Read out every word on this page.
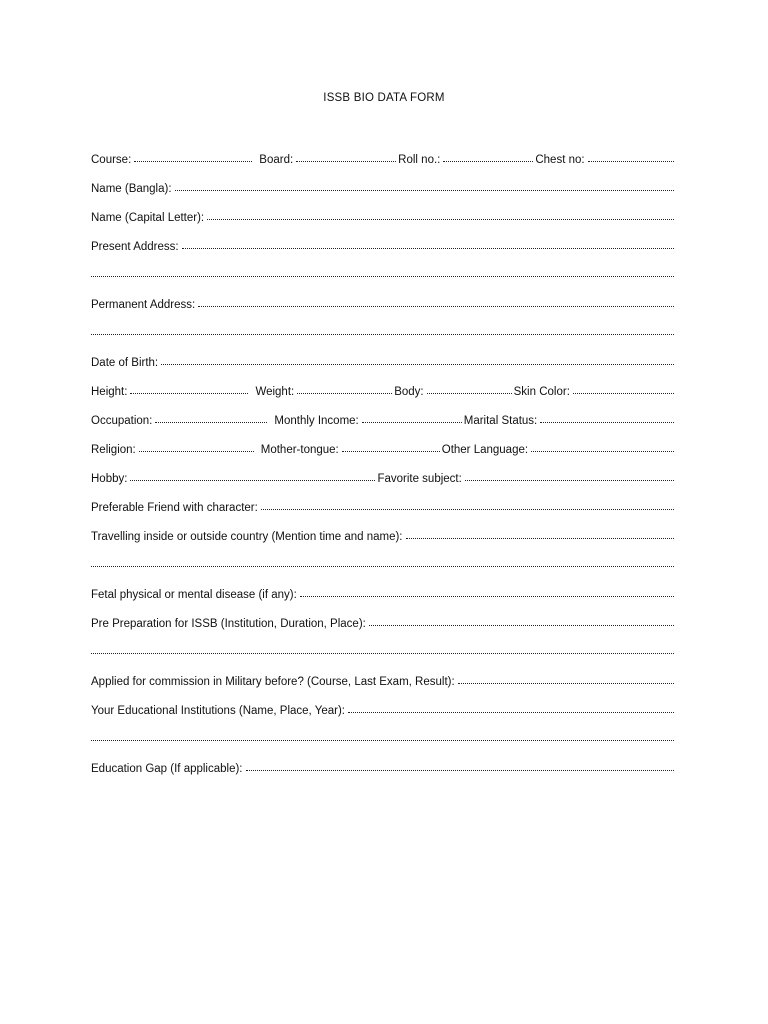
ISSB BIO DATA FORM
Course:	Board:	Roll no.:	Chest no:
Name (Bangla):
Name (Capital Letter):
Present Address:
Permanent Address:
Date of Birth:
Height:	Weight:	Body:	Skin Color:
Occupation:	Monthly Income:	Marital Status:
Religion:	Mother-tongue:	Other Language:
Hobby:	Favorite subject:
Preferable Friend with character:
Travelling inside or outside country (Mention time and name):
Fetal physical or mental disease (if any):
Pre Preparation for ISSB (Institution, Duration, Place):
Applied for commission in Military before? (Course, Last Exam, Result):
Your Educational Institutions (Name, Place, Year):
Education Gap (If applicable):
